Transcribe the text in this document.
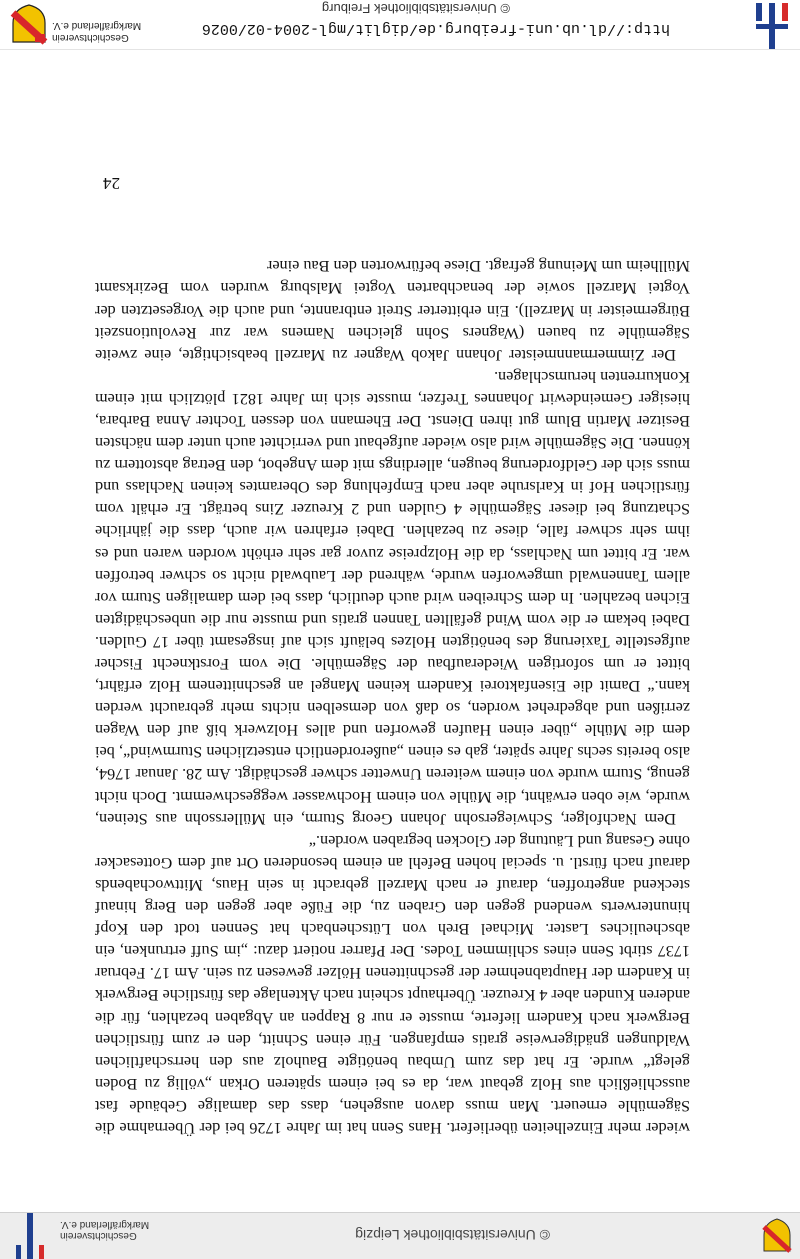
© Universitätsbibliothek Leipzig
Geschichtsverein Markgräflerland e.V.

wieder mehr Einzelheiten überliefert. Hans Senn hat im Jahre 1726 bei der Übernahme die Sägemühle erneuert. Man muss davon ausgehen, dass das damalige Gebäude fast ausschließlich aus Holz gebaut war, da es bei einem späteren Orkan „völlig zu Boden gelegt“ wurde. Er hat das zum Umbau benötigte Bauholz aus den herrschaftlichen Waldungen gnädigerweise gratis empfangen. Für einen Schnitt, den er zum fürstlichen Bergwerk nach Kandern lieferte, musste er nur 8 Rappen an Abgaben bezahlen, für die anderen Kunden aber 4 Kreuzer. Überhaupt scheint nach Aktenlage das fürstliche Bergwerk in Kandern der Hauptabnehmer der geschnittenen Hölzer gewesen zu sein. Am 17. Februar 1737 stirbt Senn eines schlimmen Todes. Der Pfarrer notiert dazu: „im Suff ertrunken, ein abscheuliches Laster. Michael Breh von Lütschenbach hat Sennen todt den Kopf hinunterwerts wendend gegen den Graben zu, die Füße aber gegen den Berg hinauf steckend angetroffen, darauf er nach Marzell gebracht in sein Haus, Mittwochabends darauf nach fürstl. u. special hohen Befehl an einem besonderen Ort auf dem Gottesacker ohne Gesang und Läutung der Glocken begraben worden.“

Dem Nachfolger, Schwiegersohn Johann Georg Sturm, ein Müllerssohn aus Steinen, wurde, wie oben erwähnt, die Mühle von einem Hochwasser weggeschwemmt. Doch nicht genug, Sturm wurde von einem weiteren Unwetter schwer geschädigt. Am 28. Januar 1764, also bereits sechs Jahre später, gab es einen „außerordentlich entsetzlichen Sturmwind“, bei dem die Mühle „über einen Haufen geworfen und alles Holzwerk biß auf den Wagen zerrißen und abgedrehet worden, so daß von demselben nichts mehr gebraucht werden kann.“ Damit die Eisenfaktorei Kandern keinen Mangel an geschnittenem Holz erfährt, bittet er um sofortigen Wiederaufbau der Sägemühle. Die vom Forstknecht Fischer aufgestellte Taxierung des benötigten Holzes beläuft sich auf insgesamt über 17 Gulden. Dabei bekam er die vom Wind gefällten Tannen gratis und musste nur die unbeschädigten Eichen bezahlen. In dem Schreiben wird auch deutlich, dass bei dem damaligen Sturm vor allem Tannenwald umgeworfen wurde, während der Laubwald nicht so schwer betroffen war. Er bittet um Nachlass, da die Holzpreise zuvor gar sehr erhöht worden waren und es ihm sehr schwer falle, diese zu bezahlen. Dabei erfahren wir auch, dass die jährliche Schatzung bei dieser Sägemühle 4 Gulden und 2 Kreuzer Zins beträgt. Er erhält vom fürstlichen Hof in Karlsruhe aber nach Empfehlung des Oberamtes keinen Nachlass und muss sich der Geldforderung beugen, allerdings mit dem Angebot, den Betrag abstottern zu können. Die Sägemühle wird also wieder aufgebaut und verrichtet auch unter dem nächsten Besitzer Martin Blum gut ihren Dienst. Der Ehemann von dessen Tochter Anna Barbara, hiesiger Gemeindewirt Johannes Trefzer, musste sich im Jahre 1821 plötzlich mit einem Konkurrenten herumschlagen.

Der Zimmermannmeister Johann Jakob Wagner zu Marzell beabsichtigte, eine zweite Sägemühle zu bauen (Wagners Sohn gleichen Namens war zur Revolutionszeit Bürgermeister in Marzell). Ein erbitterter Streit entbrannte, und auch die Vorgesetzten der Vogtei Marzell sowie der benachbarten Vogtei Malsburg wurden vom Bezirksamt Müllheim um Meinung gefragt. Diese befürworten den Bau einer

24
http://dl.ub.uni-freiburg.de/diglit/mgl-2004-02/0026
© Universitätsbibliothek Freiburg
Geschichtsverein Markgräflerland e.V.
